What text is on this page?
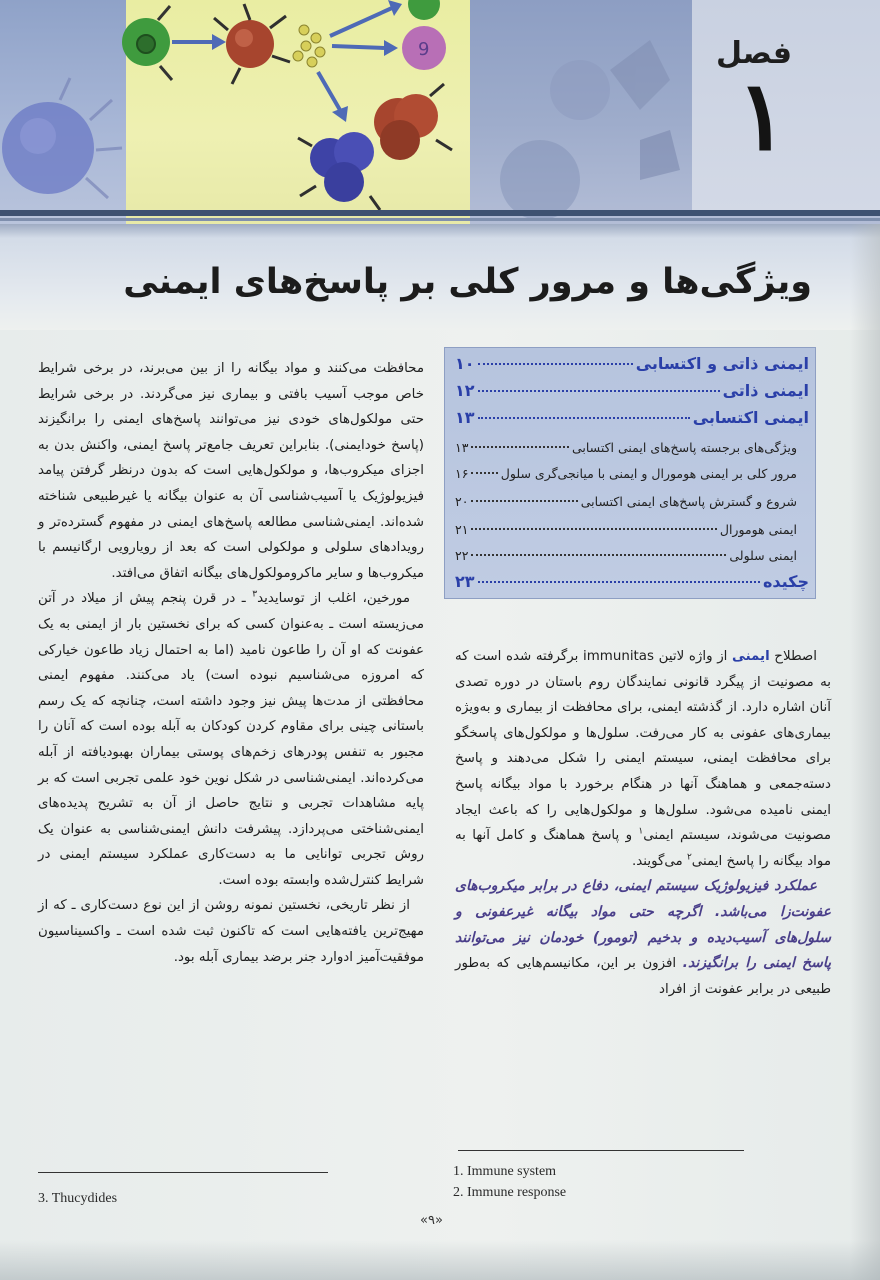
9	فصل
۱
ویژگی‌ها و مرور کلی بر پاسخ‌های ایمنی
ایمنی ذاتی و اکتسابی
۱۰
ایمنی ذاتی
۱۲
ایمنی اکتسابی
۱۳
ویژگی‌های برجسته پاسخ‌های ایمنی اکتسابی
۱۳
مرور کلی بر ایمنی هومورال و ایمنی با میانجی‌گری سلول
۱۶
شروع و گسترش پاسخ‌های ایمنی اکتسابی
۲۰
ایمنی هومورال
۲۱
ایمنی سلولی
۲۲
چکیده
۲۳

محافظت می‌کنند و مواد بیگانه را از بین می‌برند، در برخی شرایط خاص موجب آسیب بافتی و بیماری نیز می‌گردند. در برخی شرایط حتی مولکول‌های خودی نیز می‌توانند پاسخ‌های ایمنی را برانگیزند (پاسخ خودایمنی). بنابراین تعریف جامع‌تر پاسخ ایمنی، واکنش بدن به اجزای میکروب‌ها، و مولکول‌هایی است که بدون درنظر گرفتن پیامد فیزیولوژیک یا آسیب‌شناسی آن به عنوان بیگانه یا غیرطبیعی شناخته شده‌اند. ایمنی‌شناسی مطالعه پاسخ‌های ایمنی در مفهوم گسترده‌تر و رویدادهای سلولی و مولکولی است که بعد از رویارویی ارگانیسم با میکروب‌ها و سایر ماکرومولکول‌های بیگانه اتفاق می‌افتد.

مورخین، اغلب از توسایدید$^۳$ ـ در قرن پنجم پیش از میلاد در آتن می‌زیسته است ـ به‌عنوان کسی که برای نخستین بار از ایمنی به یک عفونت که او آن را طاعون نامید (اما به احتمال زیاد طاعون خیارکی که امروزه می‌شناسیم نبوده است) یاد می‌کنند. مفهوم ایمنی محافظتی از مدت‌ها پیش نیز وجود داشته است، چنانچه که یک رسم باستانی چینی برای مقاوم کردن کودکان به آبله بوده است که آنان را مجبور به تنفس پودرهای زخم‌های پوستی بیماران بهبودیافته از آبله می‌کرده‌اند. ایمنی‌شناسی در شکل نوین خود علمی تجربی است که بر پایه مشاهدات تجربی و نتایج حاصل از آن به تشریح پدیده‌های ایمنی‌شناختی می‌پردازد. پیشرفت دانش ایمنی‌شناسی به عنوان یک روش تجربی توانایی ما به دست‌کاری عملکرد سیستم ایمنی در شرایط کنترل‌شده وابسته بوده است.

از نظر تاریخی، نخستین نمونه روشن از این نوع دست‌کاری ـ که از مهیج‌ترین یافته‌هایی است که تاکنون ثبت شده است ـ واکسیناسیون موفقیت‌آمیز ادوارد جنر برضد بیماری آبله بود.

اصطلاح ایمنی از واژه لاتین immunitas برگرفته شده است که به مصونیت از پیگرد قانونی نمایندگان روم باستان در دوره تصدی آنان اشاره دارد. از گذشته ایمنی، برای محافظت از بیماری و به‌ویژه بیماری‌های عفونی به کار می‌رفت. سلول‌ها و مولکول‌های پاسخگو برای محافظت ایمنی، سیستم ایمنی را شکل می‌دهند و پاسخ دسته‌جمعی و هماهنگ آنها در هنگام برخورد با مواد بیگانه پاسخ ایمنی نامیده می‌شود. سلول‌ها و مولکول‌هایی را که باعث ایجاد مصونیت می‌شوند، سیستم ایمنی$^۱$ و پاسخ هماهنگ و کامل آنها به مواد بیگانه را پاسخ ایمنی$^۲$ می‌گویند.

عملکرد فیزیولوژیک سیستم ایمنی، دفاع در برابر میکروب‌های عفونت‌زا می‌باشد. اگرچه حتی مواد بیگانه غیرعفونی و سلول‌های آسیب‌دیده و بدخیم (تومور) خودمان نیز می‌توانند پاسخ ایمنی را برانگیزند. افزون بر این، مکانیسم‌هایی که به‌طور طبیعی در برابر عفونت از افراد

1. Immune system
2. Immune response
3. Thucydides
«۹»
